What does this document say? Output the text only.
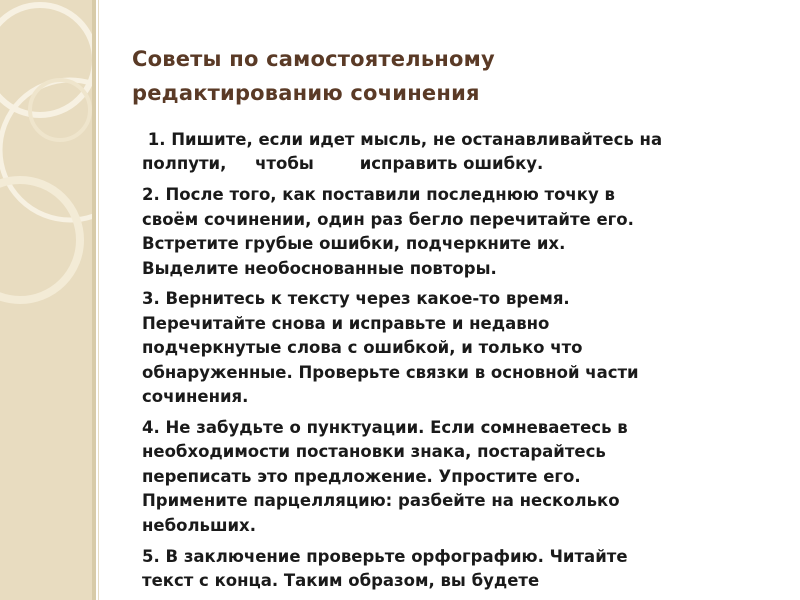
Советы по самостоятельному
редактированию сочинения
1. Пишите, если идет мысль, не останавливайтесь на
полпути,     чтобы        исправить ошибку.
2. После того, как поставили последнюю точку в
своём сочинении, один раз бегло перечитайте его.
Встретите грубые ошибки, подчеркните их.
Выделите необоснованные повторы.
3. Вернитесь к тексту через какое-то время.
Перечитайте снова и исправьте и недавно
подчеркнутые слова с ошибкой, и только что
обнаруженные. Проверьте связки в основной части
сочинения.
4. Не забудьте о пунктуации. Если сомневаетесь в
необходимости постановки знака, постарайтесь
переписать это предложение. Упростите его.
Примените парцелляцию: разбейте на несколько
небольших.
5. В заключение проверьте орфографию. Читайте
текст с конца. Таким образом, вы будете
